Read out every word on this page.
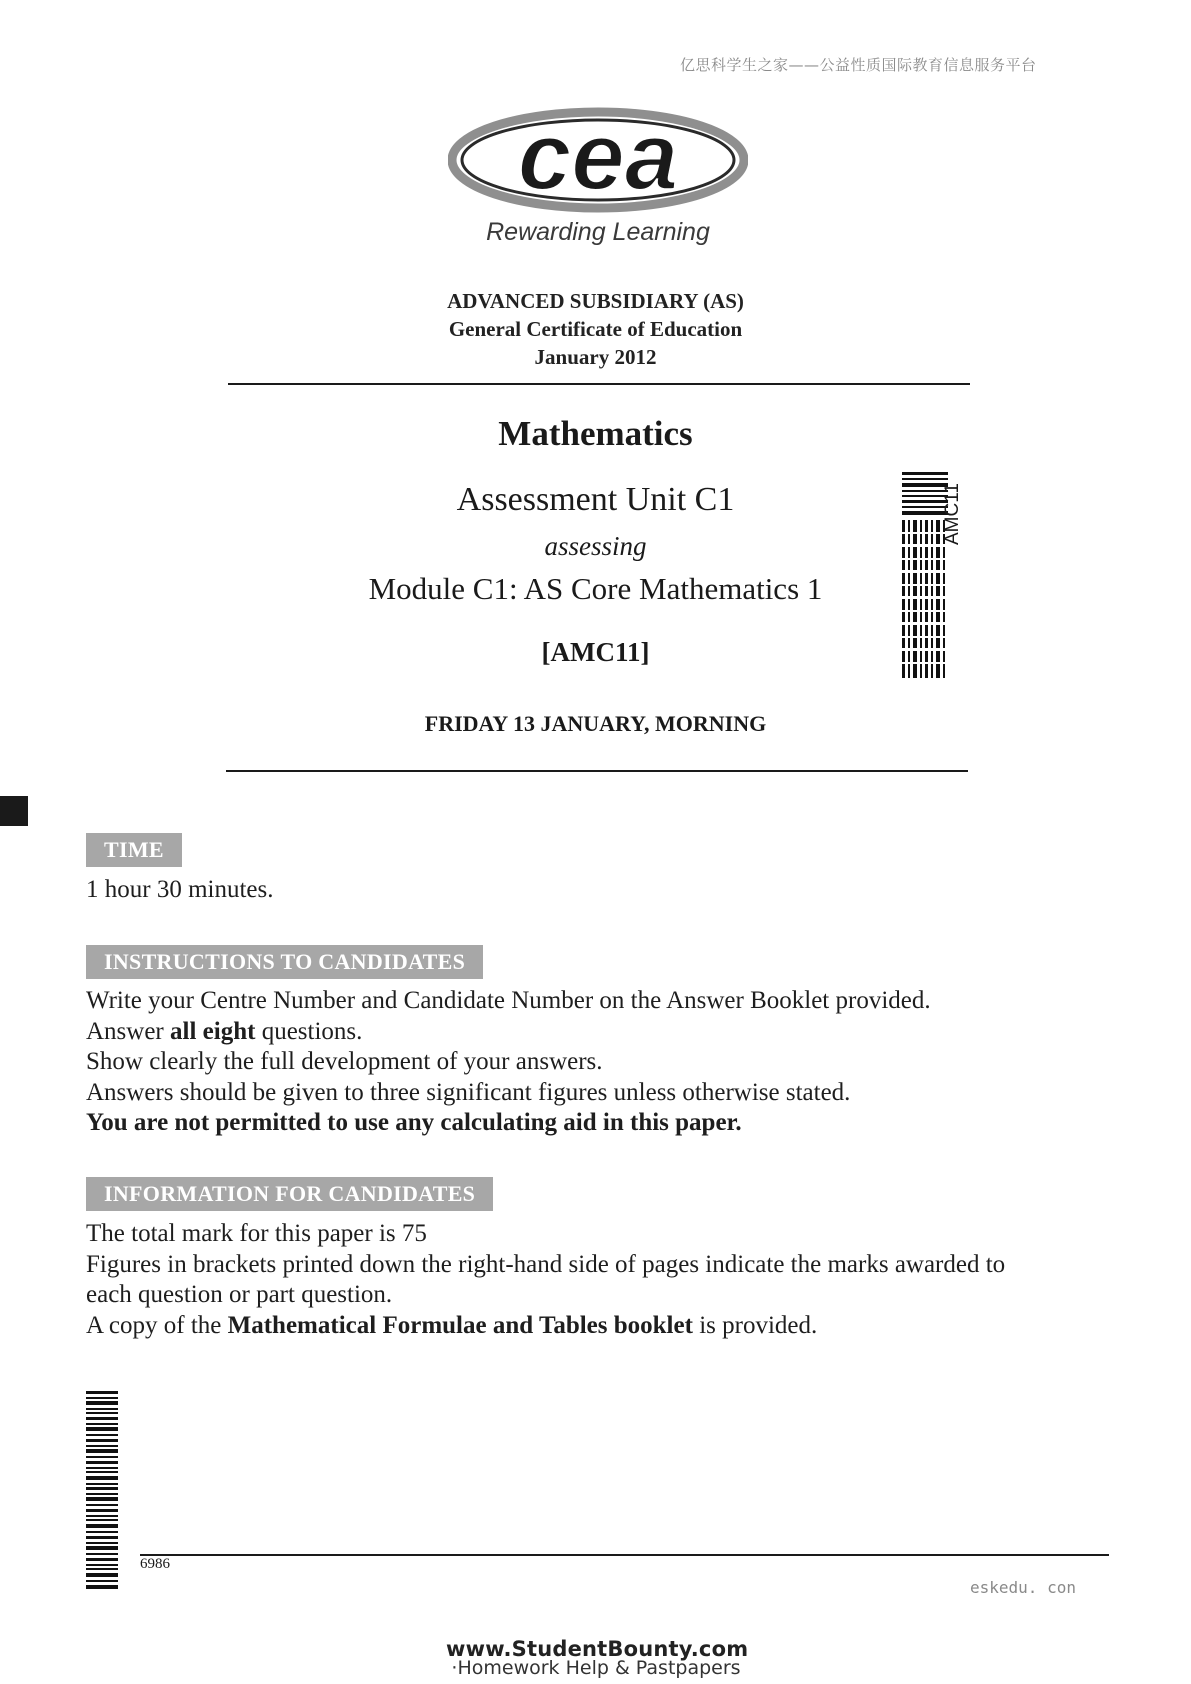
亿思科学生之家——公益性质国际教育信息服务平台
cea
Rewarding Learning
ADVANCED SUBSIDIARY (AS)
General Certificate of Education
January 2012
Mathematics
Assessment Unit C1
assessing
Module C1: AS Core Mathematics 1
[AMC11]
FRIDAY 13 JANUARY, MORNING
AMC11
TIME
1 hour 30 minutes.
INSTRUCTIONS TO CANDIDATES
Write your Centre Number and Candidate Number on the Answer Booklet provided.
Answer all eight questions.
Show clearly the full development of your answers.
Answers should be given to three significant figures unless otherwise stated.
You are not permitted to use any calculating aid in this paper.
INFORMATION FOR CANDIDATES
The total mark for this paper is 75
Figures in brackets printed down the right-hand side of pages indicate the marks awarded to
each question or part question.
A copy of the Mathematical Formulae and Tables booklet is provided.
6986
eskedu. con
www.StudentBounty.com
·Homework Help & Pastpapers
